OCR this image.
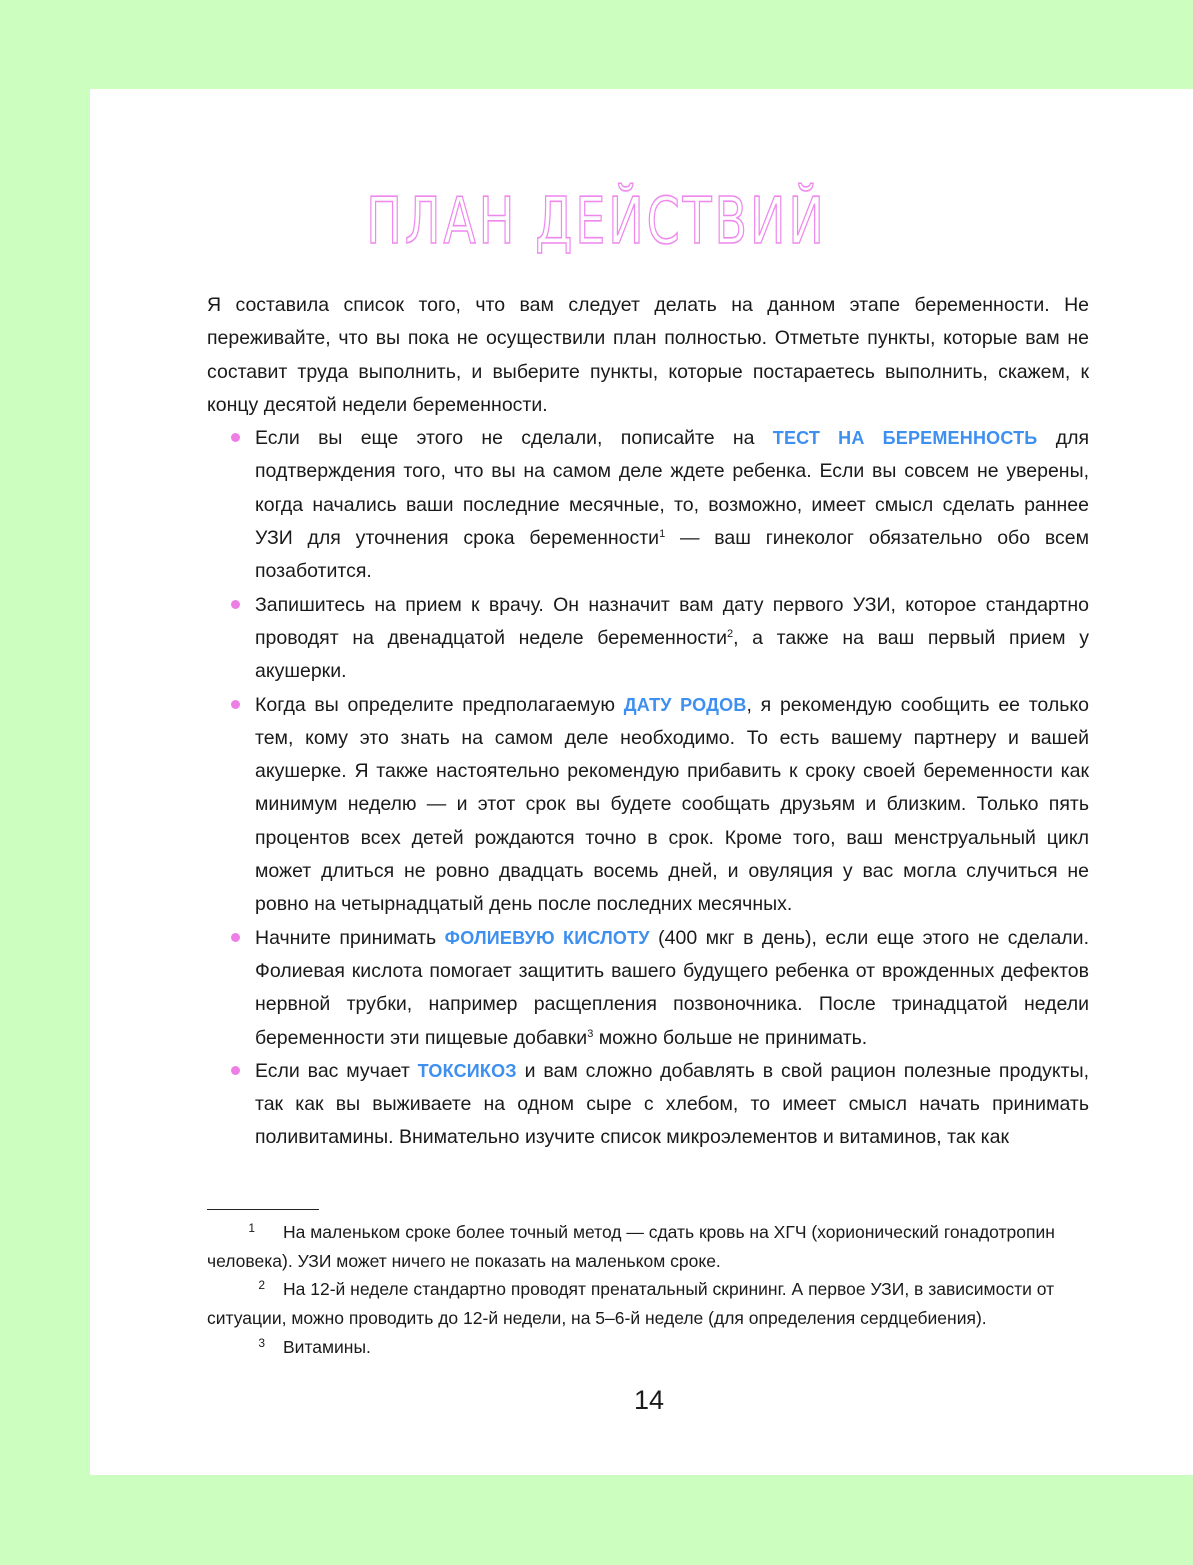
ПЛАН ДЕЙСТВИЙ

Я составила список того, что вам следует делать на данном этапе беременности. Не переживайте, что вы пока не осуществили план полностью. Отметьте пункты, которые вам не составит труда выполнить, и выберите пункты, которые постараетесь выполнить, скажем, к концу десятой недели беременности.

Если вы еще этого не сделали, пописайте на ТЕСТ НА БЕРЕМЕННОСТЬ для подтверждения того, что вы на самом деле ждете ребенка. Если вы совсем не уверены, когда начались ваши последние месячные, то, возможно, имеет смысл сделать раннее УЗИ для уточнения срока беременности$^1$ — ваш гинеколог обязательно обо всем позаботится.
Запишитесь на прием к врачу. Он назначит вам дату первого УЗИ, которое стандартно проводят на двенадцатой неделе беременности$^2$, а также на ваш первый прием у акушерки.
Когда вы определите предполагаемую ДАТУ РОДОВ, я рекомендую сообщить ее только тем, кому это знать на самом деле необходимо. То есть вашему партнеру и вашей акушерке. Я также настоятельно рекомендую прибавить к сроку своей беременности как минимум неделю — и этот срок вы будете сообщать друзьям и близким. Только пять процентов всех детей рождаются точно в срок. Кроме того, ваш менструальный цикл может длиться не ровно двадцать восемь дней, и овуляция у вас могла случиться не ровно на четырнадцатый день после последних месячных.
Начните принимать ФОЛИЕВУЮ КИСЛОТУ (400 мкг в день), если еще этого не сделали. Фолиевая кислота помогает защитить вашего будущего ребенка от врожденных дефектов нервной трубки, например расщепления позвоночника. После тринадцатой недели беременности эти пищевые добавки$^3$ можно больше не принимать.
Если вас мучает ТОКСИКОЗ и вам сложно добавлять в свой рацион полезные продукты, так как вы выживаете на одном сыре с хлебом, то имеет смысл начать принимать поливитамины. Внимательно изучите список микроэлементов и витаминов, так как

1 На маленьком сроке более точный метод — сдать кровь на ХГЧ (хорионический гонадотропин человека). УЗИ может ничего не показать на маленьком сроке.

2 На 12-й неделе стандартно проводят пренатальный скрининг. А первое УЗИ, в зависимости от ситуации, можно проводить до 12-й недели, на 5–6-й неделе (для определения сердцебиения).

3 Витамины.

14
